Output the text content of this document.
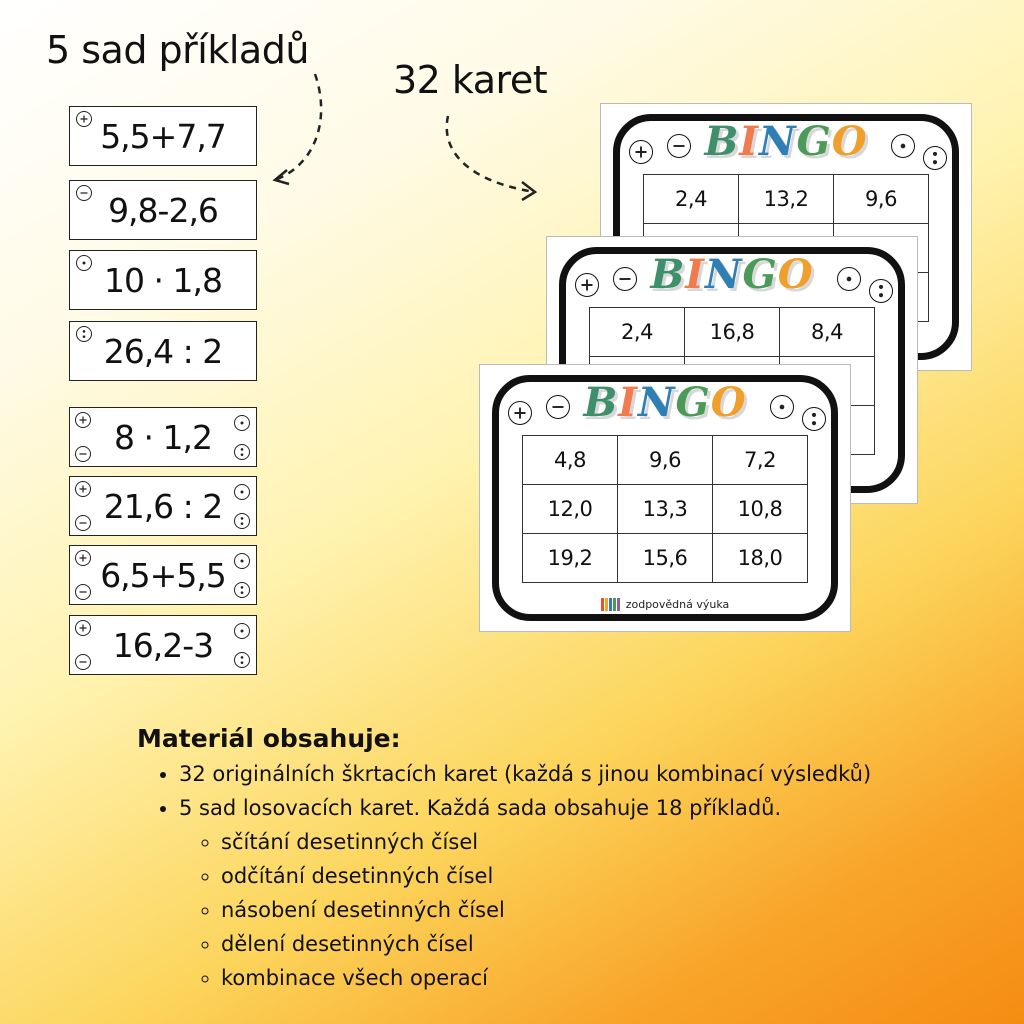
5 sad příkladů
32 karet
5,5+7,7
9,8-2,6
10 · 1,8
26,4 : 2
8 · 1,2
21,6 : 2
6,5+5,5
16,2-3
BINGO
2,4	13,2	9,6

BINGO
2,4	16,8	8,4

BINGO
4,8	9,6	7,2
12,0	13,3	10,8
19,2	15,6	18,0
zodpovědná výuka
Materiál obsahuje:
• 32 originálních škrtacích karet (každá s jinou kombinací výsledků)
• 5 sad losovacích karet. Každá sada obsahuje 18 příkladů.
◦ sčítání desetinných čísel
◦ odčítání desetinných čísel
◦ násobení desetinných čísel
◦ dělení desetinných čísel
◦ kombinace všech operací
